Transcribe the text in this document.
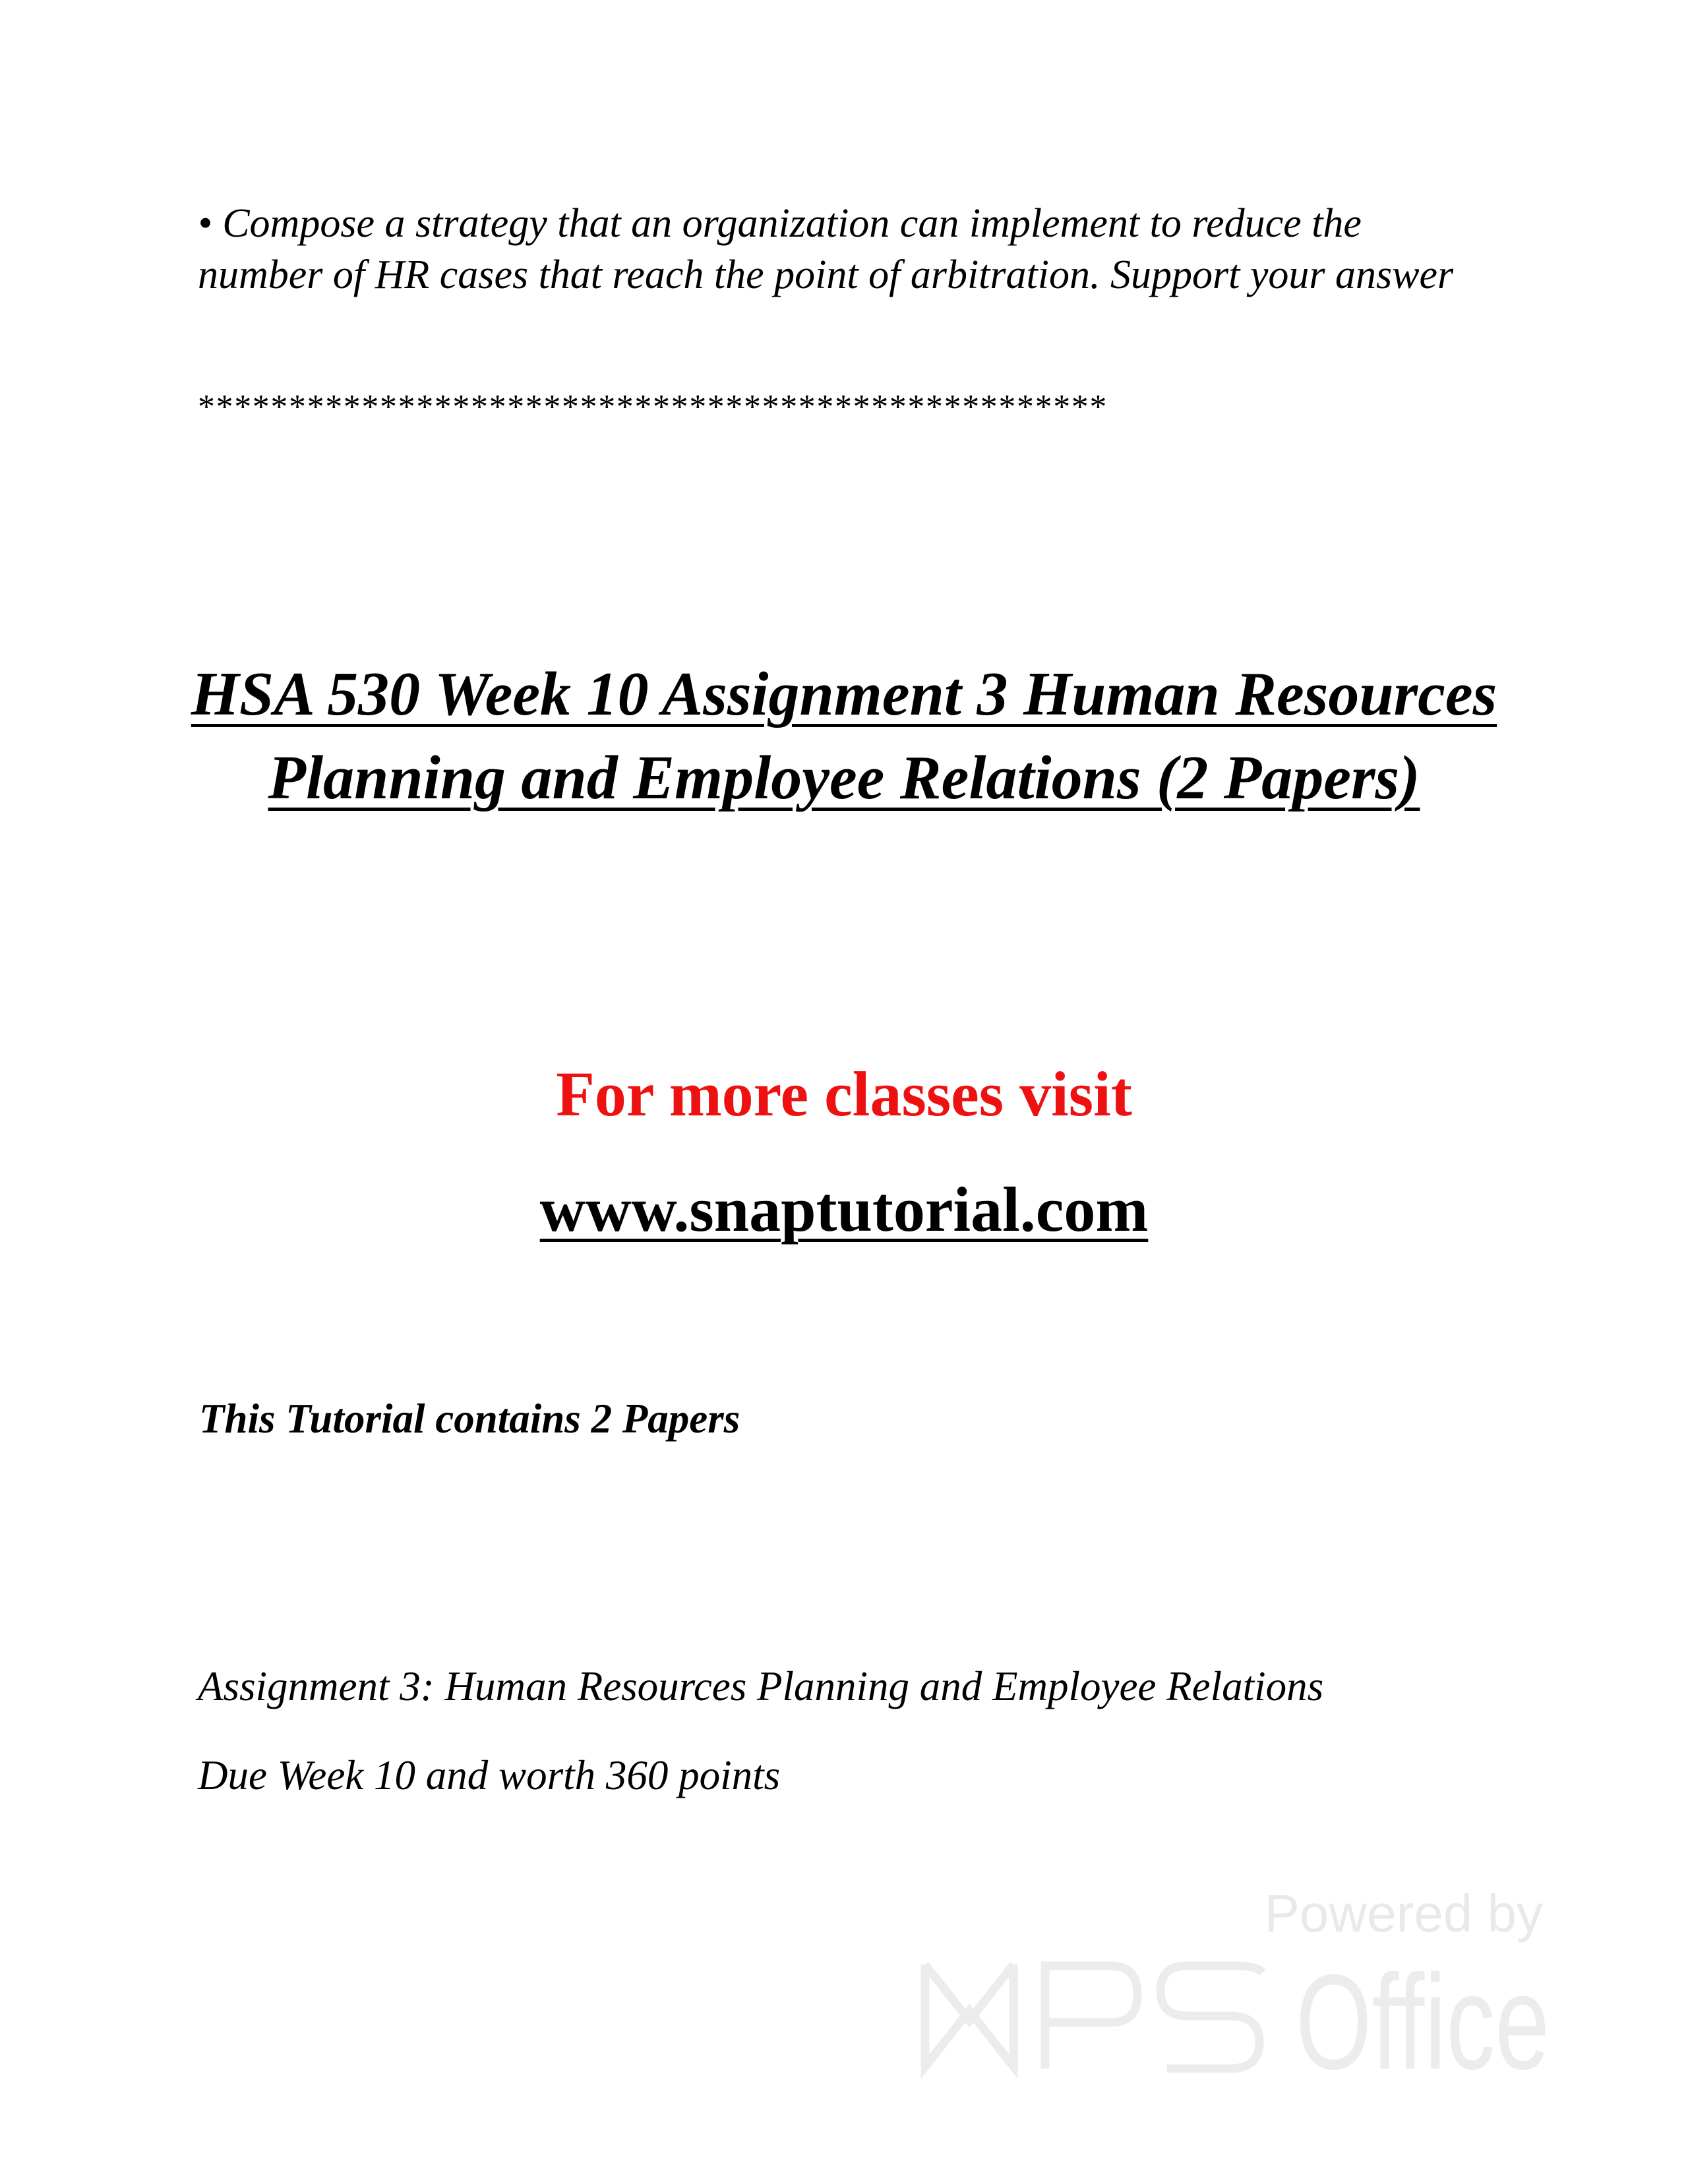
• Compose a strategy that an organization can implement to reduce the number of HR cases that reach the point of arbitration. Support your answer
**************************************************
HSA 530 Week 10 Assignment 3 Human Resources Planning and Employee Relations (2 Papers)
For more classes visit
www.snaptutorial.com
This Tutorial contains 2 Papers
Assignment 3: Human Resources Planning and Employee Relations
Due Week 10 and worth 360 points
Powered by
Office
